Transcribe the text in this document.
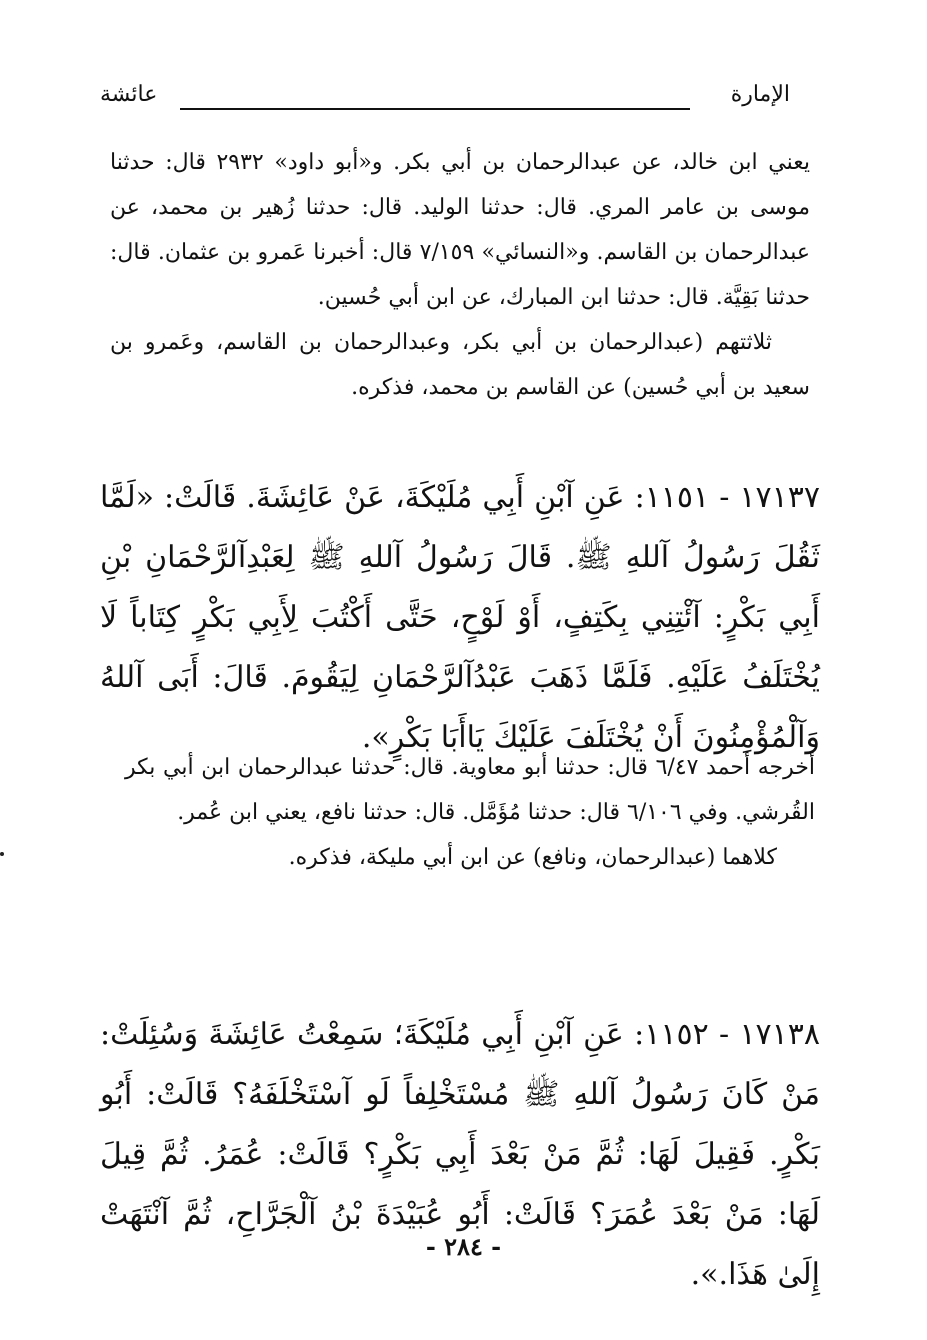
الإمارة
عائشة

يعني ابن خالد، عن عبدالرحمان بن أبي بكر. و«أبو داود» ٢٩٣٢ قال: حدثنا موسى بن عامر المري. قال: حدثنا الوليد. قال: حدثنا زُهير بن محمد، عن عبدالرحمان بن القاسم. و«النسائي» ٧/١٥٩ قال: أخبرنا عَمرو بن عثمان. قال: حدثنا بَقِيَّة. قال: حدثنا ابن المبارك، عن ابن أبي حُسين.

ثلاثتهم (عبدالرحمان بن أبي بكر، وعبدالرحمان بن القاسم، وعَمرو بن سعيد بن أبي حُسين) عن القاسم بن محمد، فذكره.

١٧١٣٧ - ١١٥١: عَنِ آبْنِ أَبِي مُلَيْكَةَ، عَنْ عَائِشَةَ. قَالَتْ: «لَمَّا ثَقُلَ رَسُولُ آللهِ ﷺ. قَالَ رَسُولُ آللهِ ﷺ لِعَبْدِآلرَّحْمَانِ بْنِ أَبِي بَكْرٍ: آئْتِنِي بِكَتِفٍ، أَوْ لَوْحٍ، حَتَّى أَكْتُبَ لِأَبِي بَكْرٍ كِتَاباً لَا يُخْتَلَفُ عَلَيْهِ. فَلَمَّا ذَهَبَ عَبْدُآلرَّحْمَانِ لِيَقُومَ. قَالَ: أَبَى آللهُ وَآلْمُؤْمِنُونَ أَنْ يُخْتَلَفَ عَلَيْكَ يَاأَبَا بَكْرٍ».

أخرجه أحمد ٦/٤٧ قال: حدثنا أبو معاوية. قال: حدثنا عبدالرحمان ابن أبي بكر القُرشي. وفي ٦/١٠٦ قال: حدثنا مُؤَمَّل. قال: حدثنا نافع، يعني ابن عُمر.

كلاهما (عبدالرحمان، ونافع) عن ابن أبي مليكة، فذكره.

١٧١٣٨ - ١١٥٢: عَنِ آبْنِ أَبِي مُلَيْكَةَ؛ سَمِعْتُ عَائِشَةَ وَسُئِلَتْ: مَنْ كَانَ رَسُولُ آللهِ ﷺ مُسْتَخْلِفاً لَو آسْتَخْلَفَهُ؟ قَالَتْ: أَبُو بَكْرٍ. فَقِيلَ لَهَا: ثُمَّ مَنْ بَعْدَ أَبِي بَكْرٍ؟ قَالَتْ: عُمَرُ. ثُمَّ قِيلَ لَهَا: مَنْ بَعْدَ عُمَرَ؟ قَالَتْ: أَبُو عُبَيْدَةَ بْنُ آلْجَرَّاحِ، ثُمَّ آنْتَهَتْ إِلَىٰ هَذَا.».

- ٢٨٤ -
